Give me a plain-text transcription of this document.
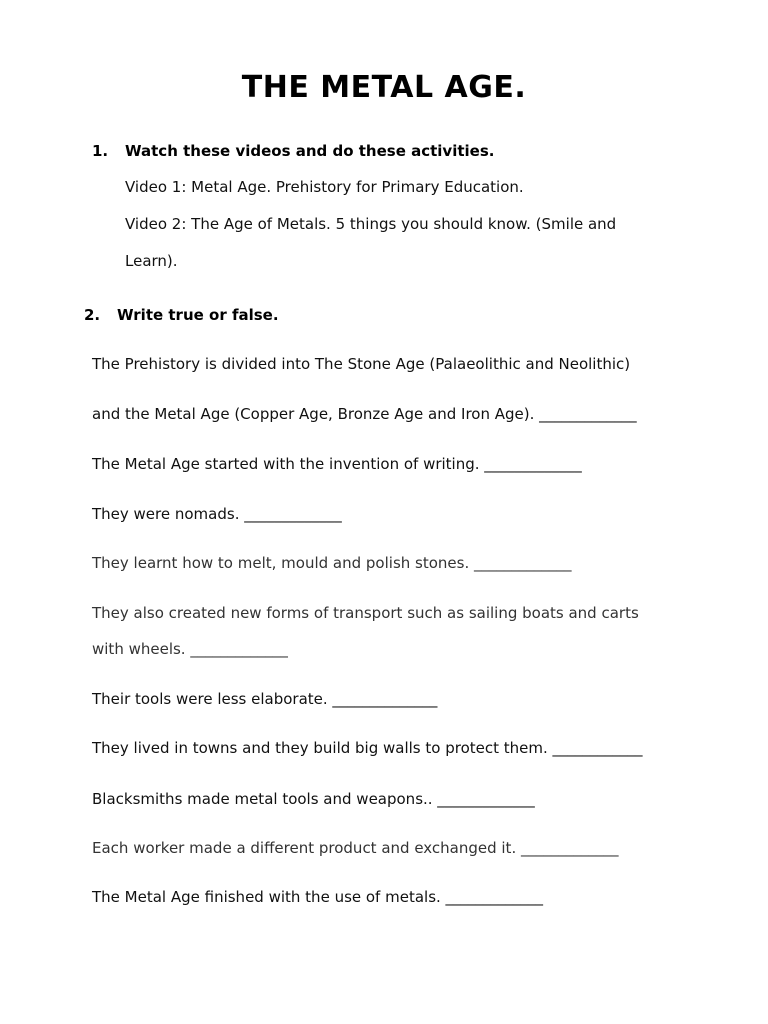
THE METAL AGE.
1. Watch these videos and do these activities.
Video 1: Metal Age. Prehistory for Primary Education.
Video 2: The Age of Metals. 5 things you should know. (Smile and
Learn).
2. Write true or false.
The Prehistory is divided into The Stone Age (Palaeolithic and Neolithic)
and the Metal Age (Copper Age, Bronze Age and Iron Age). _____________
The Metal Age started with the invention of writing. _____________
They were nomads. _____________
They learnt how to melt, mould and polish stones. _____________
They also created new forms of transport such as sailing boats and carts
with wheels. _____________
Their tools were less elaborate. ______________
They lived in towns and they build big walls to protect them. ____________
Blacksmiths made metal tools and weapons.. _____________
Each worker made a different product and exchanged it. _____________
The Metal Age finished with the use of metals. _____________
